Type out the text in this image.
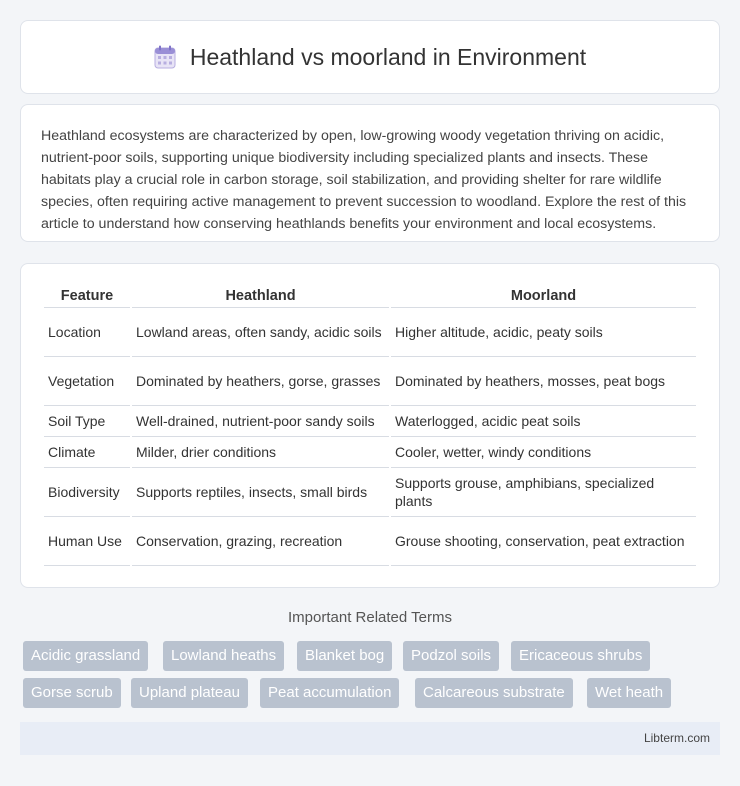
Heathland vs moorland in Environment

Heathland ecosystems are characterized by open, low-growing woody vegetation thriving on acidic, nutrient-poor soils, supporting unique biodiversity including specialized plants and insects. These habitats play a crucial role in carbon storage, soil stabilization, and providing shelter for rare wildlife species, often requiring active management to prevent succession to woodland. Explore the rest of this article to understand how conserving heathlands benefits your environment and local ecosystems.

Feature	Heathland	Moorland
Location	Lowland areas, often sandy, acidic soils	Higher altitude, acidic, peaty soils
Vegetation	Dominated by heathers, gorse, grasses	Dominated by heathers, mosses, peat bogs
Soil Type	Well-drained, nutrient-poor sandy soils	Waterlogged, acidic peat soils
Climate	Milder, drier conditions	Cooler, wetter, windy conditions
Biodiversity	Supports reptiles, insects, small birds	Supports grouse, amphibians, specialized plants
Human Use	Conservation, grazing, recreation	Grouse shooting, conservation, peat extraction
Important Related Terms
Acidic grassland	Lowland heaths	Blanket bog	Podzol soils	Ericaceous shrubs
Gorse scrub	Upland plateau	Peat accumulation	Calcareous substrate	Wet heath
Libterm.com
